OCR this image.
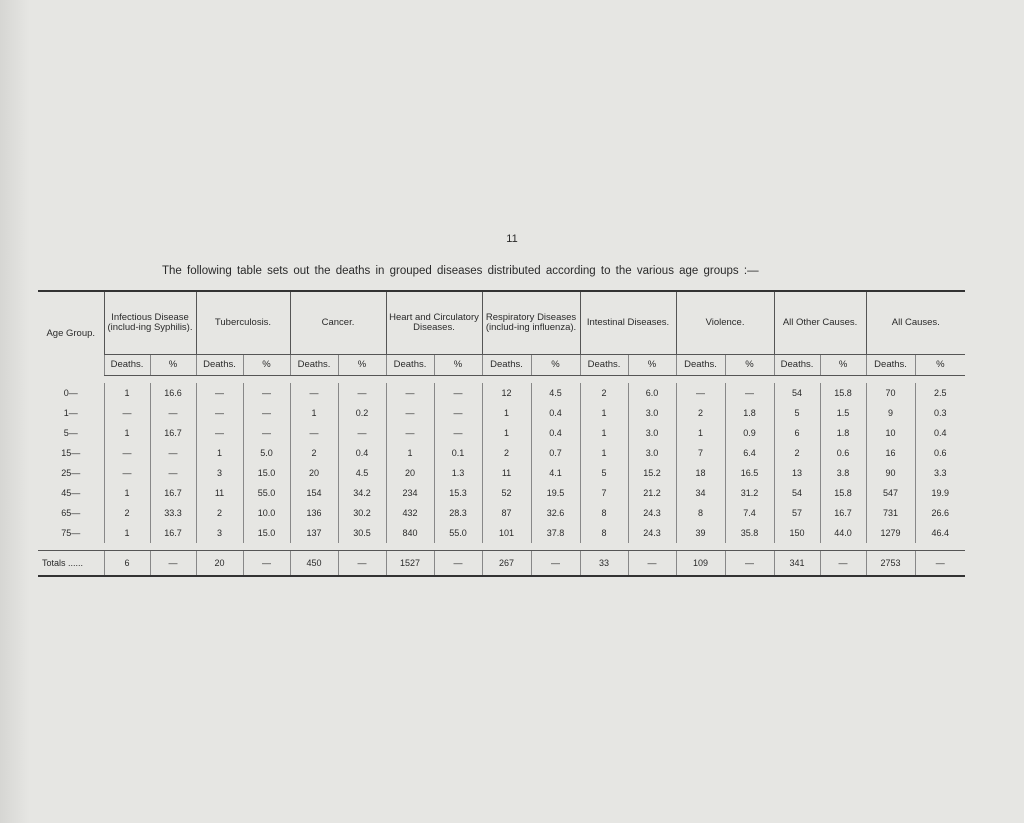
11
The following table sets out the deaths in grouped diseases distributed according to the various age groups :—
Age Group.	Infectious Disease (includ-ing Syphilis).		Tuberculosis.		Cancer.		Heart and Circulatory Diseases.		Respiratory Diseases (includ-ing influenza).		Intestinal Diseases.		Violence.		All Other Causes.		All Causes.	
	Deaths.	%	Deaths.	%	Deaths.	%	Deaths.	%	Deaths.	%	Deaths.	%	Deaths.	%	Deaths.	%	Deaths.	%

0—	1	16.6	—	—	—	—	—	—	12	4.5	2	6.0	—	—	54	15.8	70	2.5
1—	—	—	—	—	1	0.2	—	—	1	0.4	1	3.0	2	1.8	5	1.5	9	0.3
5—	1	16.7	—	—	—	—	—	—	1	0.4	1	3.0	1	0.9	6	1.8	10	0.4
15—	—	—	1	5.0	2	0.4	1	0.1	2	0.7	1	3.0	7	6.4	2	0.6	16	0.6
25—	—	—	3	15.0	20	4.5	20	1.3	11	4.1	5	15.2	18	16.5	13	3.8	90	3.3
45—	1	16.7	11	55.0	154	34.2	234	15.3	52	19.5	7	21.2	34	31.2	54	15.8	547	19.9
65—	2	33.3	2	10.0	136	30.2	432	28.3	87	32.6	8	24.3	8	7.4	57	16.7	731	26.6
75—	1	16.7	3	15.0	137	30.5	840	55.0	101	37.8	8	24.3	39	35.8	150	44.0	1279	46.4

Totals ......	6	—	20	—	450	—	1527	—	267	—	33	—	109	—	341	—	2753	—
